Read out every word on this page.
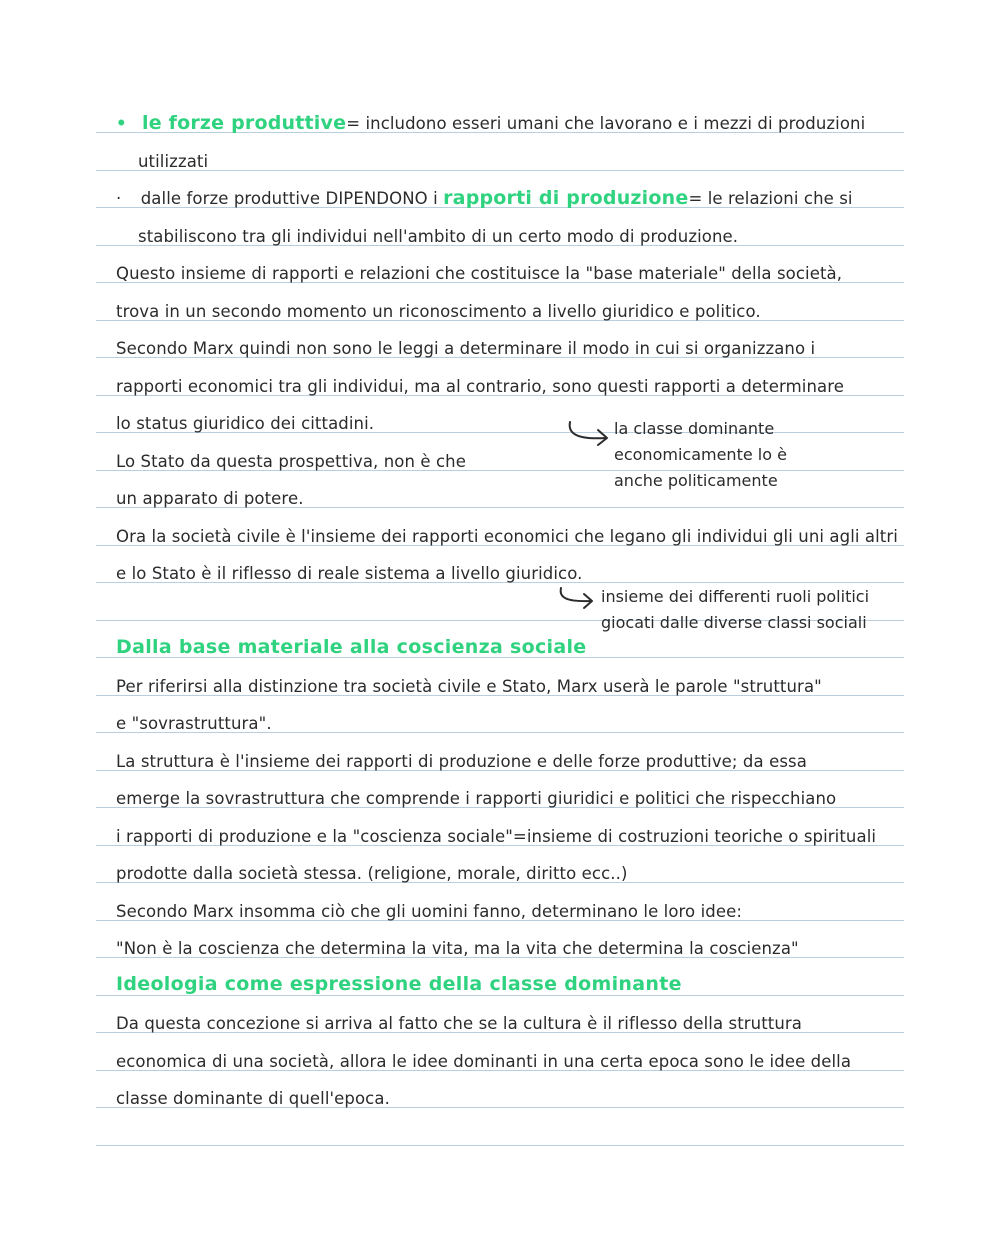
• le forze produttive= includono esseri umani che lavorano e i mezzi di produzioni
utilizzati
· dalle forze produttive DIPENDONO i rapporti di produzione= le relazioni che si
stabiliscono tra gli individui nell'ambito di un certo modo di produzione.
Questo insieme di rapporti e relazioni che costituisce la "base materiale" della società,
trova in un secondo momento un riconoscimento a livello giuridico e politico.
Secondo Marx quindi non sono le leggi a determinare il modo in cui si organizzano i
rapporti economici tra gli individui, ma al contrario, sono questi rapporti a determinare
lo status giuridico dei cittadini.
Lo Stato da questa prospettiva, non è che
un apparato di potere.
Ora la società civile è l'insieme dei rapporti economici che legano gli individui gli uni agli altri
e lo Stato è il riflesso di reale sistema a livello giuridico.
la classe dominante
economicamente lo è
anche politicamente
insieme dei differenti ruoli politici
giocati dalle diverse classi sociali
Dalla base materiale alla coscienza sociale
Per riferirsi alla distinzione tra società civile e Stato, Marx userà le parole "struttura"
e "sovrastruttura".
La struttura è l'insieme dei rapporti di produzione e delle forze produttive; da essa
emerge la sovrastruttura che comprende i rapporti giuridici e politici che rispecchiano
i rapporti di produzione e la "coscienza sociale"=insieme di costruzioni teoriche o spirituali
prodotte dalla società stessa. (religione, morale, diritto ecc..)
Secondo Marx insomma ciò che gli uomini fanno, determinano le loro idee:
"Non è la coscienza che determina la vita, ma la vita che determina la coscienza"
Ideologia come espressione della classe dominante
Da questa concezione si arriva al fatto che se la cultura è il riflesso della struttura
economica di una società, allora le idee dominanti in una certa epoca sono le idee della
classe dominante di quell'epoca.
